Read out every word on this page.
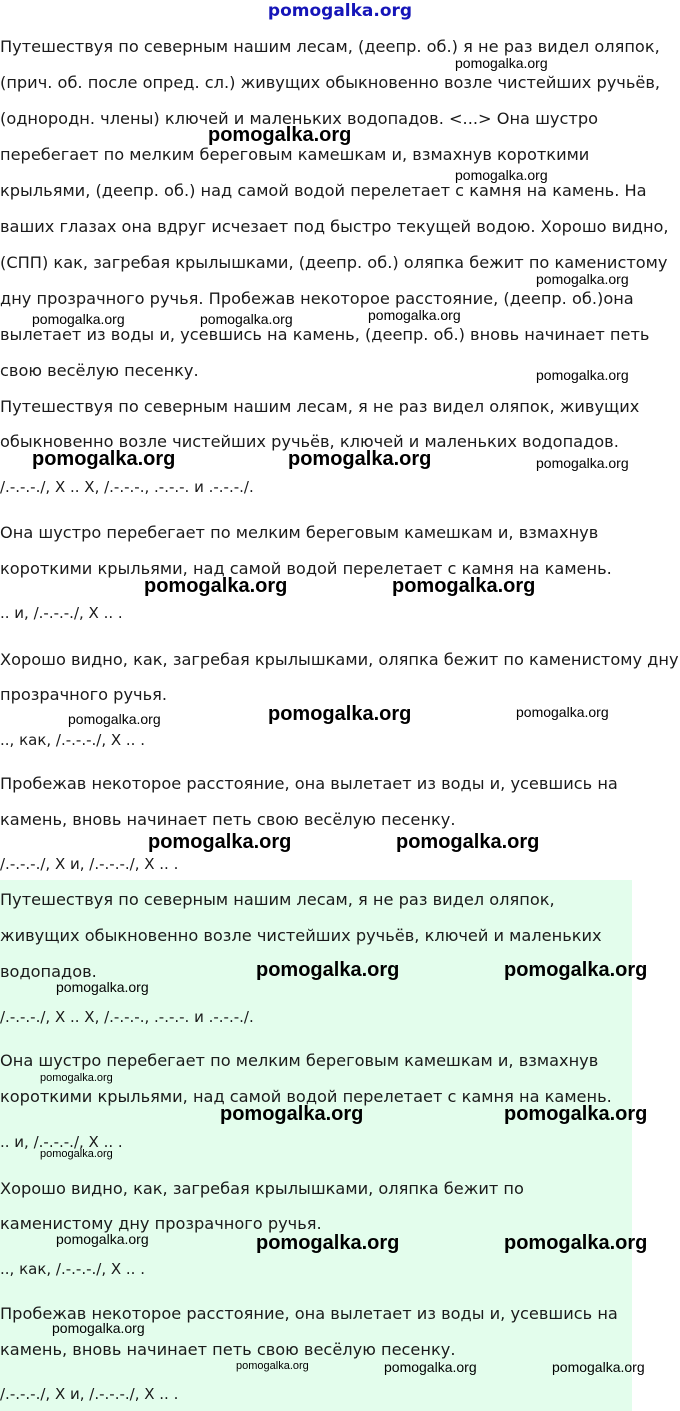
pomogalka.org
Путешествуя по северным нашим лесам, (деепр. об.) я не раз видел оляпок,
(прич. об. после опред. сл.) живущих обыкновенно возле чистейших ручьёв,
(однородн. члены) ключей и маленьких водопадов. <...> Она шустро
перебегает по мелким береговым камешкам и, взмахнув короткими
крыльями, (деепр. об.) над самой водой перелетает с камня на камень. На
ваших глазах она вдруг исчезает под быстро текущей водою. Хорошо видно,
(СПП) как, загребая крылышками, (деепр. об.) оляпка бежит по каменистому
дну прозрачного ручья. Пробежав некоторое расстояние, (деепр. об.)она
вылетает из воды и, усевшись на камень, (деепр. об.) вновь начинает петь
свою весёлую песенку.
Путешествуя по северным нашим лесам, я не раз видел оляпок, живущих
обыкновенно возле чистейших ручьёв, ключей и маленьких водопадов.
/.-.-.-./, X .. X, /.-.-.-., .-.-.-. и .-.-.-./.
Она шустро перебегает по мелким береговым камешкам и, взмахнув
короткими крыльями, над самой водой перелетает с камня на камень.
.. и, /.-.-.-./, X .. .
Хорошо видно, как, загребая крылышками, оляпка бежит по каменистому дну
прозрачного ручья.
.., как, /.-.-.-./, X .. .
Пробежав некоторое расстояние, она вылетает из воды и, усевшись на
камень, вновь начинает петь свою весёлую песенку.
/.-.-.-./, X и, /.-.-.-./, X .. .
Путешествуя по северным нашим лесам, я не раз видел оляпок,
живущих обыкновенно возле чистейших ручьёв, ключей и маленьких
водопадов.
/.-.-.-./, X .. X, /.-.-.-., .-.-.-. и .-.-.-./.
Она шустро перебегает по мелким береговым камешкам и, взмахнув
короткими крыльями, над самой водой перелетает с камня на камень.
.. и, /.-.-.-./, X .. .
Хорошо видно, как, загребая крылышками, оляпка бежит по
каменистому дну прозрачного ручья.
.., как, /.-.-.-./, X .. .
Пробежав некоторое расстояние, она вылетает из воды и, усевшись на
камень, вновь начинает петь свою весёлую песенку.
/.-.-.-./, X и, /.-.-.-./, X .. .
pomogalka.org
pomogalka.org
pomogalka.org
pomogalka.org
pomogalka.org	pomogalka.org	pomogalka.org
pomogalka.org
pomogalka.org	pomogalka.org	pomogalka.org
pomogalka.org	pomogalka.org
pomogalka.org	pomogalka.org	pomogalka.org
pomogalka.org	pomogalka.org
pomogalka.org	pomogalka.org
pomogalka.org
pomogalka.org
pomogalka.org	pomogalka.org
pomogalka.org
pomogalka.org	pomogalka.org	pomogalka.org
pomogalka.org
pomogalka.org	pomogalka.org	pomogalka.org
